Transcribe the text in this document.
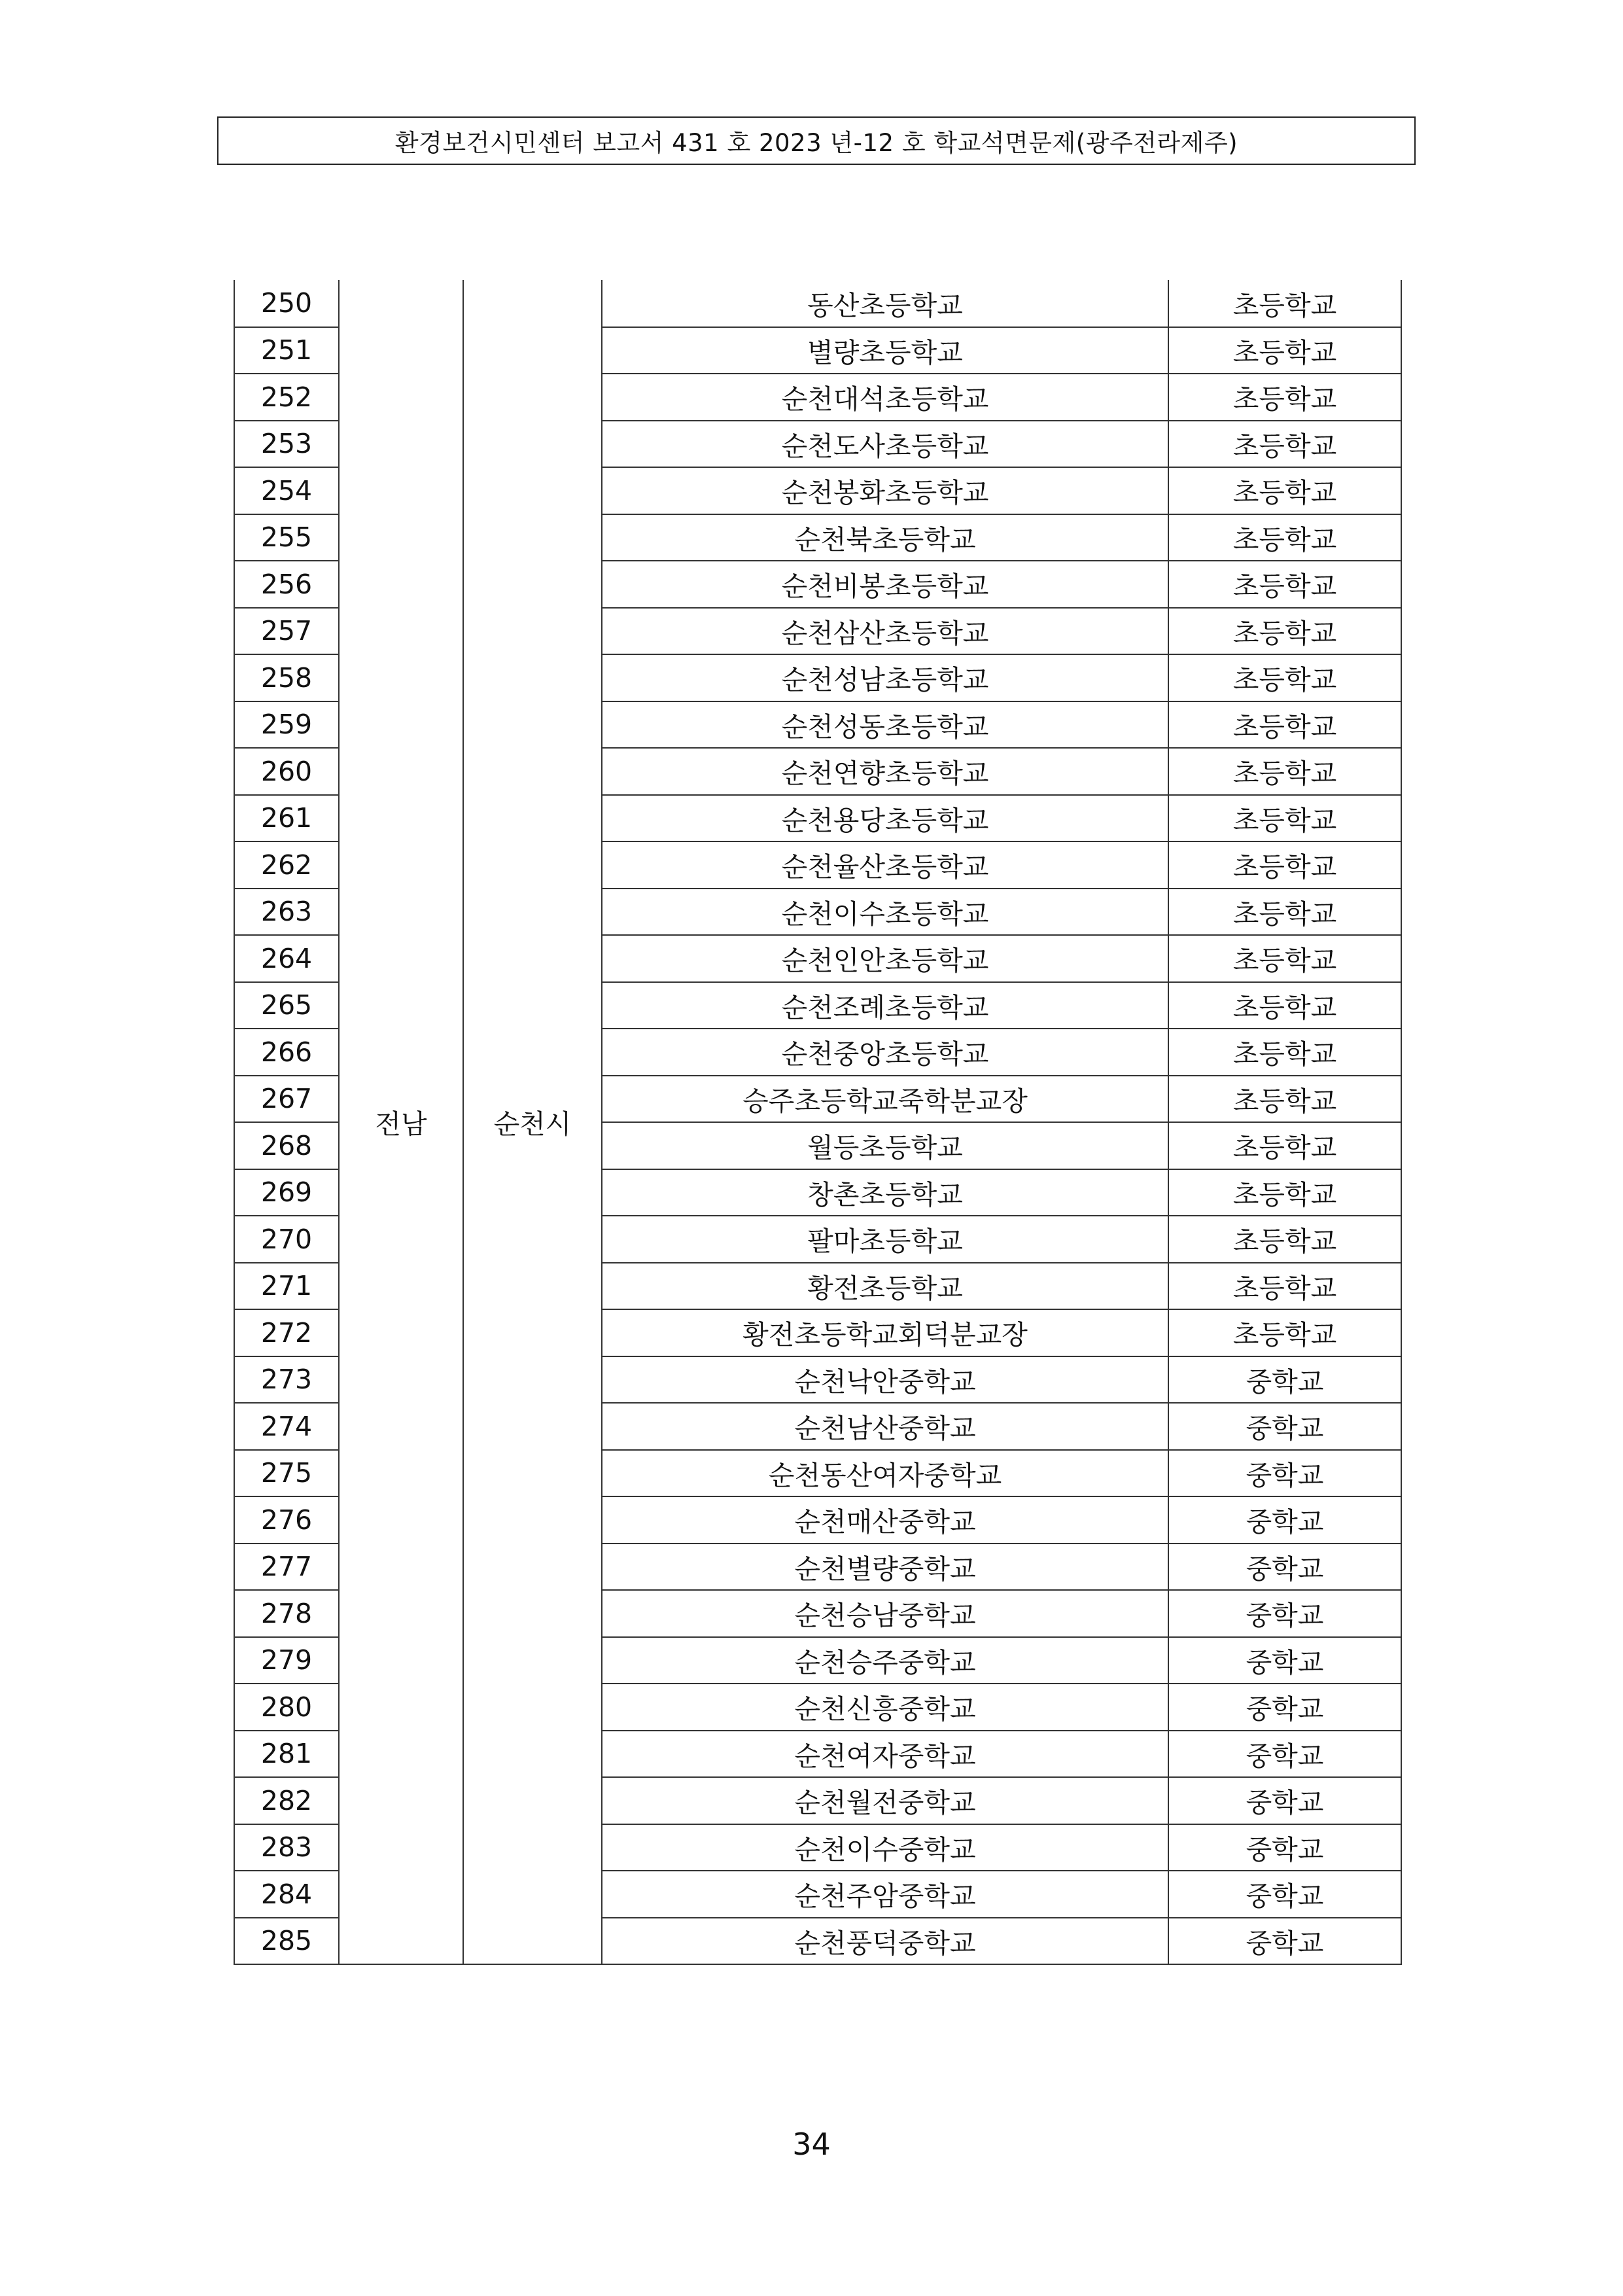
환경보건시민센터 보고서 431 호 2023 년-12 호 학교석면문제(광주전라제주)
250	전남	순천시	동산초등학교	초등학교
251			별량초등학교	초등학교
252			순천대석초등학교	초등학교
253			순천도사초등학교	초등학교
254			순천봉화초등학교	초등학교
255			순천북초등학교	초등학교
256			순천비봉초등학교	초등학교
257			순천삼산초등학교	초등학교
258			순천성남초등학교	초등학교
259			순천성동초등학교	초등학교
260			순천연향초등학교	초등학교
261			순천용당초등학교	초등학교
262			순천율산초등학교	초등학교
263			순천이수초등학교	초등학교
264			순천인안초등학교	초등학교
265			순천조례초등학교	초등학교
266			순천중앙초등학교	초등학교
267			승주초등학교죽학분교장	초등학교
268			월등초등학교	초등학교
269			창촌초등학교	초등학교
270			팔마초등학교	초등학교
271			황전초등학교	초등학교
272			황전초등학교회덕분교장	초등학교
273			순천낙안중학교	중학교
274			순천남산중학교	중학교
275			순천동산여자중학교	중학교
276			순천매산중학교	중학교
277			순천별량중학교	중학교
278			순천승남중학교	중학교
279			순천승주중학교	중학교
280			순천신흥중학교	중학교
281			순천여자중학교	중학교
282			순천월전중학교	중학교
283			순천이수중학교	중학교
284			순천주암중학교	중학교
285			순천풍덕중학교	중학교
34
